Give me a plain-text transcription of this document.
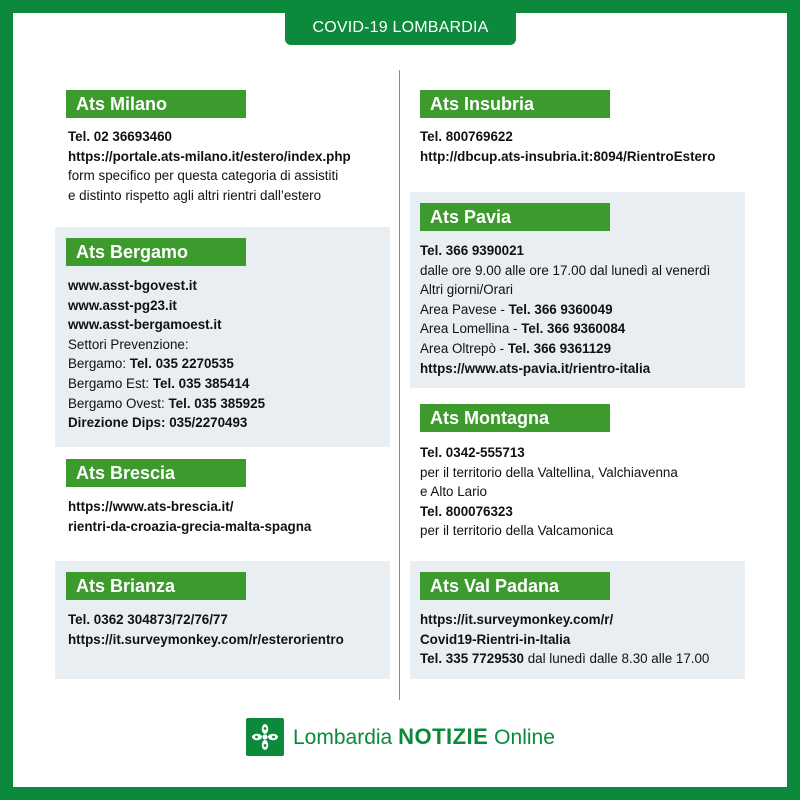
COVID-19 LOMBARDIA
Ats Milano
Tel. 02 36693460
https://portale.ats-milano.it/estero/index.php
form specifico per questa categoria di assistiti
e distinto rispetto agli altri rientri dall’estero
Ats Bergamo
www.asst-bgovest.it
www.asst-pg23.it
www.asst-bergamoest.it
Settori Prevenzione:
Bergamo: Tel. 035 2270535
Bergamo Est: Tel. 035 385414
Bergamo Ovest: Tel. 035 385925
Direzione Dips: 035/2270493
Ats Brescia
https://www.ats-brescia.it/
rientri-da-croazia-grecia-malta-spagna
Ats Brianza
Tel. 0362 304873/72/76/77
https://it.surveymonkey.com/r/esterorientro
Ats Insubria
Tel. 800769622
http://dbcup.ats-insubria.it:8094/RientroEstero
Ats Pavia
Tel. 366 9390021
dalle ore 9.00 alle ore 17.00 dal lunedì al venerdì
Altri giorni/Orari
Area Pavese - Tel. 366 9360049
Area Lomellina - Tel. 366 9360084
Area Oltrepò - Tel. 366 9361129
https://www.ats-pavia.it/rientro-italia
Ats Montagna
Tel. 0342-555713
per il territorio della Valtellina, Valchiavenna
e Alto Lario
Tel. 800076323
per il territorio della Valcamonica
Ats Val Padana
https://it.surveymonkey.com/r/
Covid19-Rientri-in-Italia
Tel. 335 7729530 dal lunedì dalle 8.30 alle 17.00
Lombardia NOTIZIE Online
